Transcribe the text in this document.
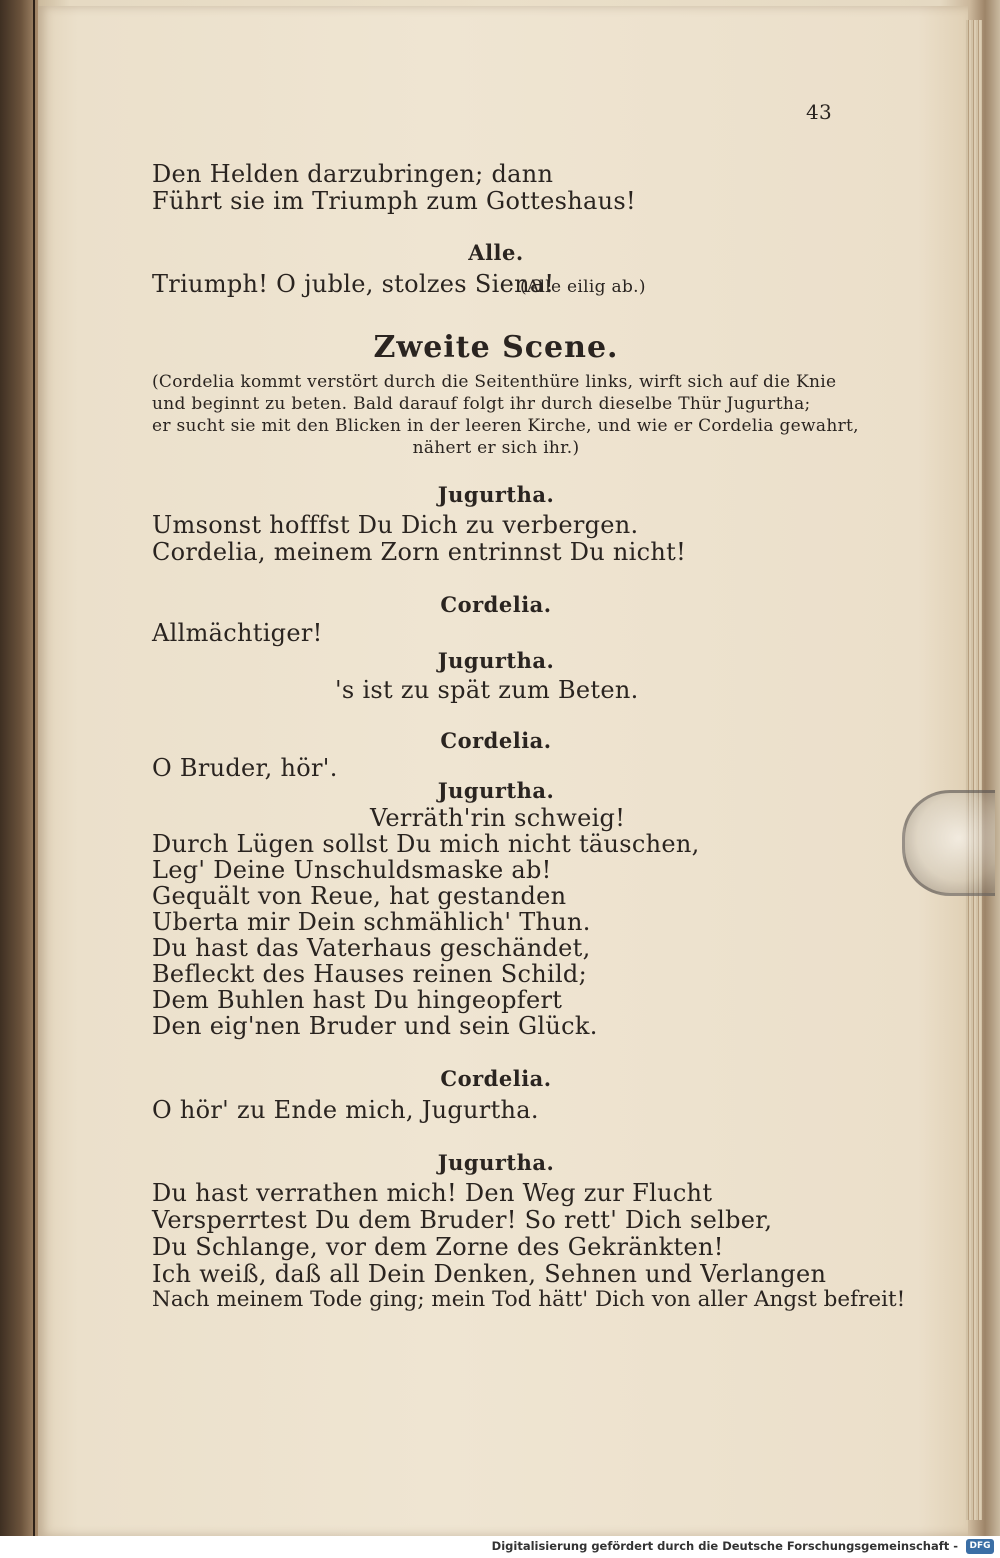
43
Den Helden darzubringen; dann
Führt sie im Triumph zum Gotteshaus!
Alle.
Triumph! O juble, stolzes Siena!
(Alle eilig ab.)
Zweite Scene.
(Cordelia kommt verstört durch die Seitenthüre links, wirft sich auf die Knie
und beginnt zu beten. Bald darauf folgt ihr durch dieselbe Thür Jugurtha;
er sucht sie mit den Blicken in der leeren Kirche, und wie er Cordelia gewahrt,
nähert er sich ihr.)
Jugurtha.
Umsonst hofffst Du Dich zu verbergen.
Cordelia, meinem Zorn entrinnst Du nicht!
Cordelia.
Allmächtiger!
Jugurtha.
's ist zu spät zum Beten.
Cordelia.
O Bruder, hör'.
Jugurtha.
Verräth'rin schweig!
Durch Lügen sollst Du mich nicht täuschen,
Leg' Deine Unschuldsmaske ab!
Gequält von Reue, hat gestanden
Uberta mir Dein schmählich' Thun.
Du hast das Vaterhaus geschändet,
Befleckt des Hauses reinen Schild;
Dem Buhlen hast Du hingeopfert
Den eig'nen Bruder und sein Glück.
Cordelia.
O hör' zu Ende mich, Jugurtha.
Jugurtha.
Du hast verrathen mich! Den Weg zur Flucht
Versperrtest Du dem Bruder! So rett' Dich selber,
Du Schlange, vor dem Zorne des Gekränkten!
Ich weiß, daß all Dein Denken, Sehnen und Verlangen
Nach meinem Tode ging; mein Tod hätt' Dich von aller Angst befreit!
Digitalisierung gefördert durch die Deutsche Forschungsgemeinschaft -	DFG
